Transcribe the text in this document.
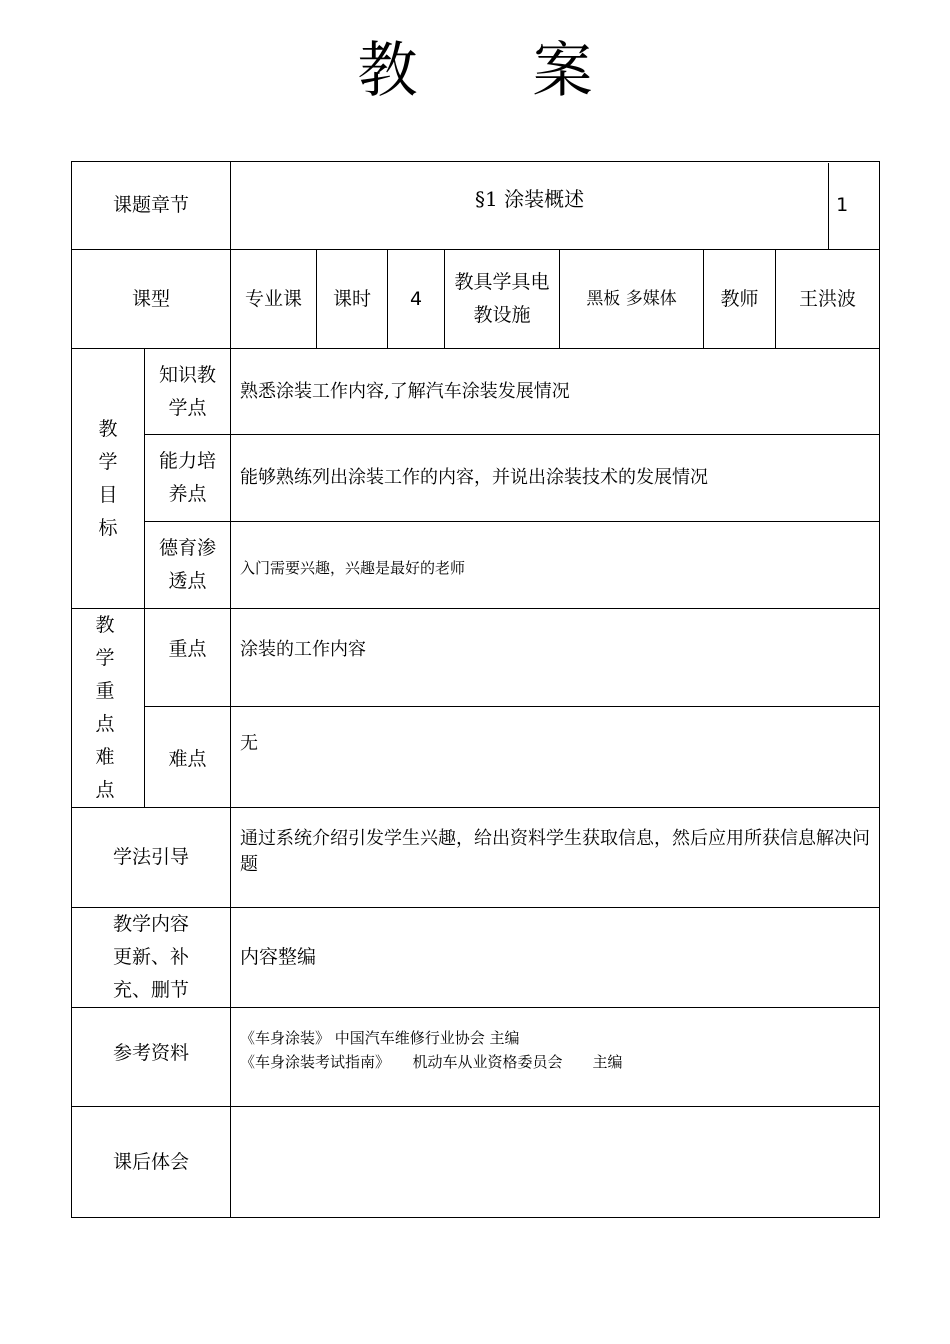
教 案
课题章节		§1 涂装概述 1						

课型		专业课	课时	4	教具学具电教设施	黑板 多媒体	教师	王洪波

教学目标	知识教学点	熟悉涂装工作内容,了解汽车涂装发展情况						
	能力培养点	能够熟练列出涂装工作的内容，并说出涂装技术的发展情况						
	德育渗透点	入门需要兴趣，兴趣是最好的老师						

教学重点难点	重点	涂装的工作内容						
	难点	无						
学法引导		通过系统介绍引发学生兴趣，给出资料学生获取信息，然后应用所获信息解决问题						
教学内容更新、补充、删节		内容整编						
参考资料		《车身涂装》 中国汽车维修行业协会 主编
《车身涂装考试指南》　　机动车从业资格委员会　　主编						

课后体会								
